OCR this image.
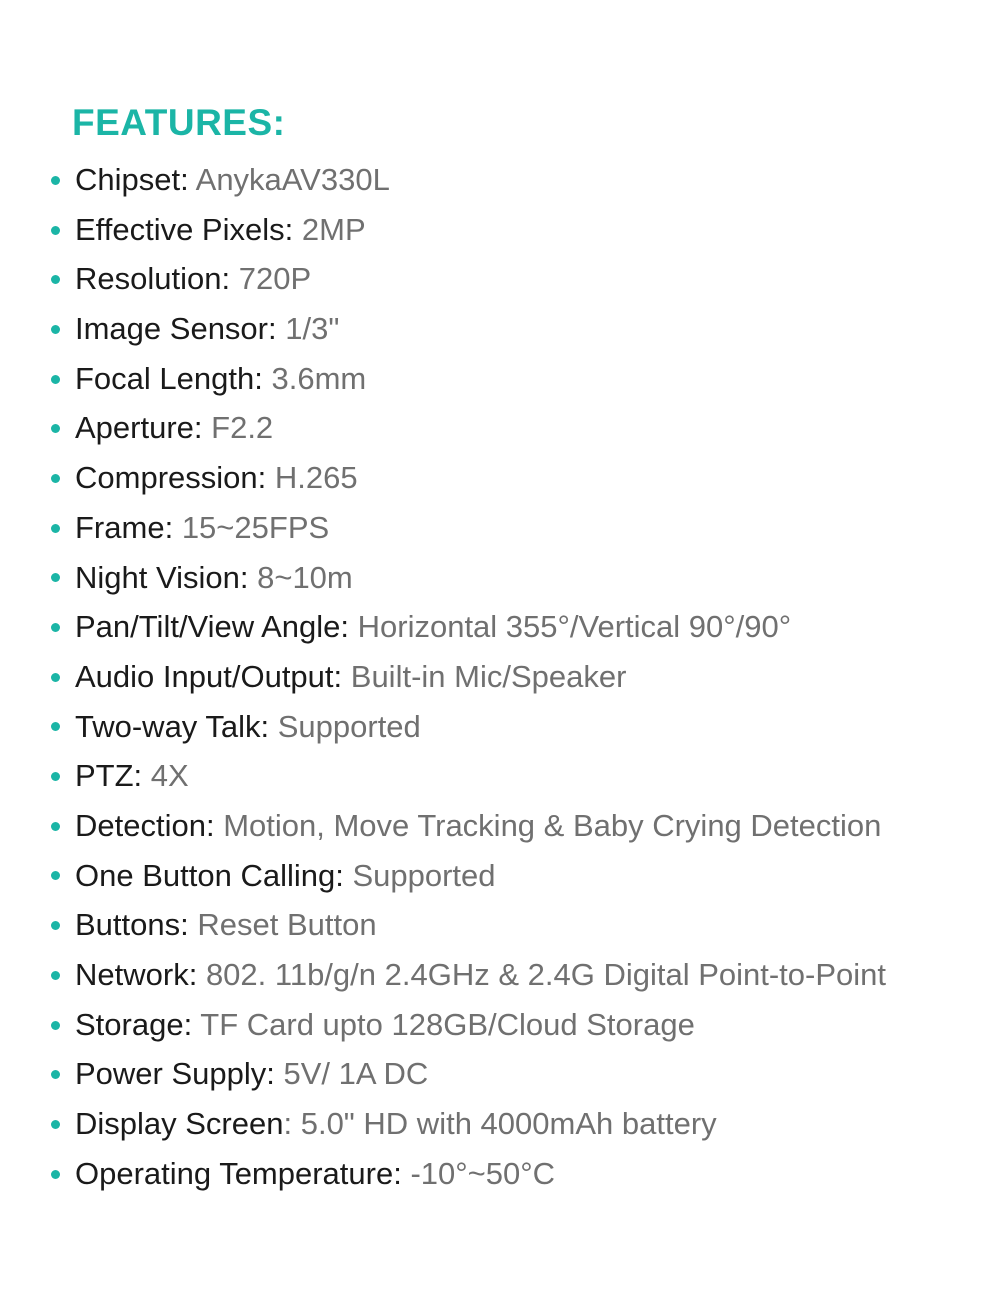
FEATURES:
Chipset: AnykaAV330L
Effective Pixels: 2MP
Resolution: 720P
Image Sensor: 1/3"
Focal Length: 3.6mm
Aperture: F2.2
Compression: H.265
Frame: 15~25FPS
Night Vision: 8~10m
Pan/Tilt/View Angle: Horizontal 355°/Vertical 90°/90°
Audio Input/Output: Built-in Mic/Speaker
Two-way Talk: Supported
PTZ: 4X
Detection: Motion, Move Tracking & Baby Crying Detection
One Button Calling: Supported
Buttons: Reset Button
Network: 802. 11b/g/n 2.4GHz & 2.4G Digital Point-to-Point
Storage: TF Card upto 128GB/Cloud Storage
Power Supply: 5V/ 1A DC
Display Screen: 5.0" HD with 4000mAh battery
Operating Temperature: -10°~50°C
